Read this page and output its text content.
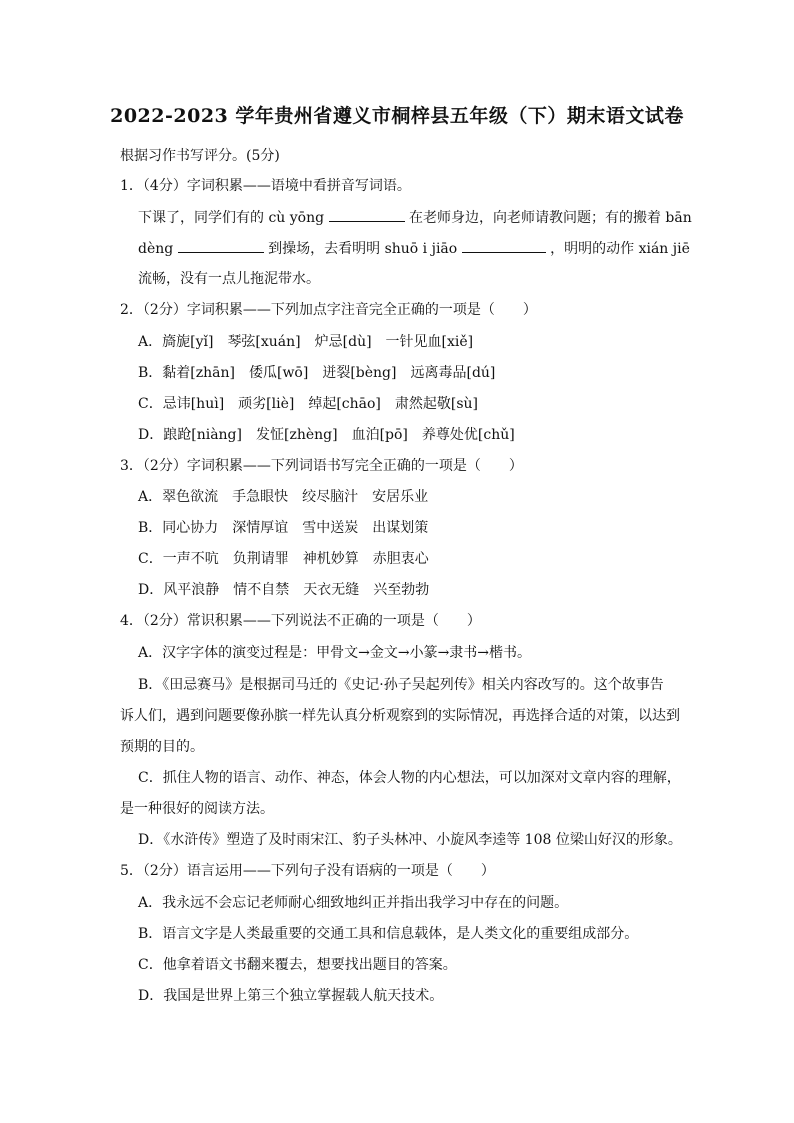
2022-2023 学年贵州省遵义市桐梓县五年级（下）期末语文试卷
根据习作书写评分。(5分)
1．（4分）字词积累——语境中看拼音写词语。
下课了，同学们有的 cù yōng	在老师身边，向老师请教问题；有的搬着 bān
dèng	到操场，去看明明 shuō i jiāo	，明明的动作 xián jiē
流畅，没有一点儿拖泥带水。
2．（2分）字词积累——下列加点字注音完全正确的一项是（　　）
A．旖旎[yǐ] 琴弦[xuán] 炉忌[dù] 一针见血[xiě]
B．黏着[zhān] 倭瓜[wō] 迸裂[bèng] 远离毒品[dú]
C．忌讳[huì] 顽劣[liè] 绰起[chāo] 肃然起敬[sù]
D．踉跄[niàng] 发怔[zhèng] 血泊[pō] 养尊处优[chǔ]
3．（2分）字词积累——下列词语书写完全正确的一项是（　　）
A．翠色欲流 手急眼快 绞尽脑汁 安居乐业
B．同心协力 深情厚谊 雪中送炭 出谋划策
C．一声不吭 负荆请罪 神机妙算 赤胆衷心
D．风平浪静 情不自禁 天衣无缝 兴至勃勃
4．（2分）常识积累——下列说法不正确的一项是（　　）
A．汉字字体的演变过程是：甲骨文→金文→小篆→隶书→楷书。
B．《田忌赛马》是根据司马迁的《史记·孙子吴起列传》相关内容改写的。这个故事告
诉人们，遇到问题要像孙膑一样先认真分析观察到的实际情况，再选择合适的对策，以达到
预期的目的。
C．抓住人物的语言、动作、神态，体会人物的内心想法，可以加深对文章内容的理解，
是一种很好的阅读方法。
D．《水浒传》塑造了及时雨宋江、豹子头林冲、小旋风李逵等 108 位梁山好汉的形象。
5．（2分）语言运用——下列句子没有语病的一项是（　　）
A．我永远不会忘记老师耐心细致地纠正并指出我学习中存在的问题。
B．语言文字是人类最重要的交通工具和信息载体，是人类文化的重要组成部分。
C．他拿着语文书翻来覆去，想要找出题目的答案。
D．我国是世界上第三个独立掌握载人航天技术。
